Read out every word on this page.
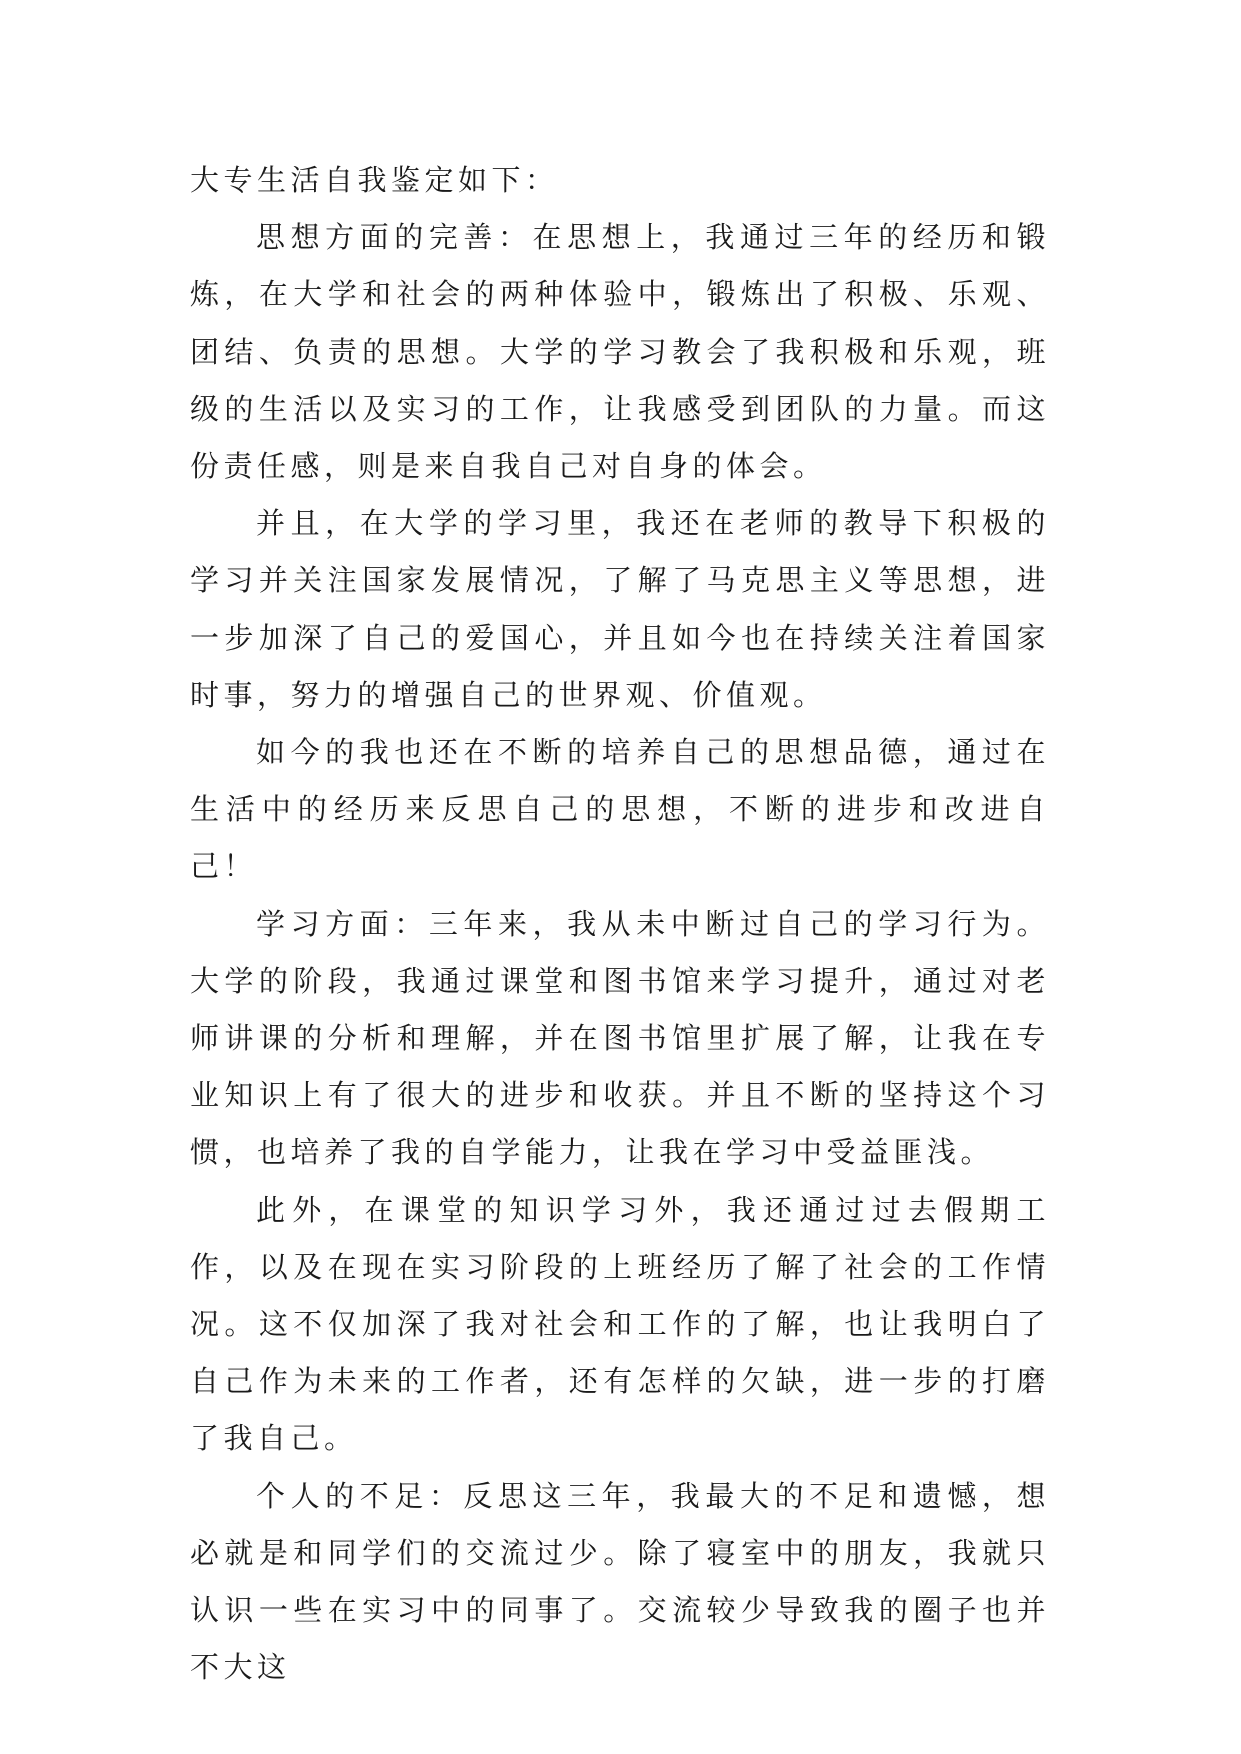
大专生活自我鉴定如下：

思想方面的完善：在思想上，我通过三年的经历和锻炼，在大学和社会的两种体验中，锻炼出了积极、乐观、团结、负责的思想。大学的学习教会了我积极和乐观，班级的生活以及实习的工作，让我感受到团队的力量。而这份责任感，则是来自我自己对自身的体会。

并且，在大学的学习里，我还在老师的教导下积极的学习并关注国家发展情况，了解了马克思主义等思想，进一步加深了自己的爱国心，并且如今也在持续关注着国家时事，努力的增强自己的世界观、价值观。

如今的我也还在不断的培养自己的思想品德，通过在生活中的经历来反思自己的思想，不断的进步和改进自己！

学习方面：三年来，我从未中断过自己的学习行为。大学的阶段，我通过课堂和图书馆来学习提升，通过对老师讲课的分析和理解，并在图书馆里扩展了解，让我在专业知识上有了很大的进步和收获。并且不断的坚持这个习惯，也培养了我的自学能力，让我在学习中受益匪浅。

此外，在课堂的知识学习外，我还通过过去假期工作，以及在现在实习阶段的上班经历了解了社会的工作情况。这不仅加深了我对社会和工作的了解，也让我明白了自己作为未来的工作者，还有怎样的欠缺，进一步的打磨了我自己。

个人的不足：反思这三年，我最大的不足和遗憾，想必就是和同学们的交流过少。除了寝室中的朋友，我就只认识一些在实习中的同事了。交流较少导致我的圈子也并不大这
